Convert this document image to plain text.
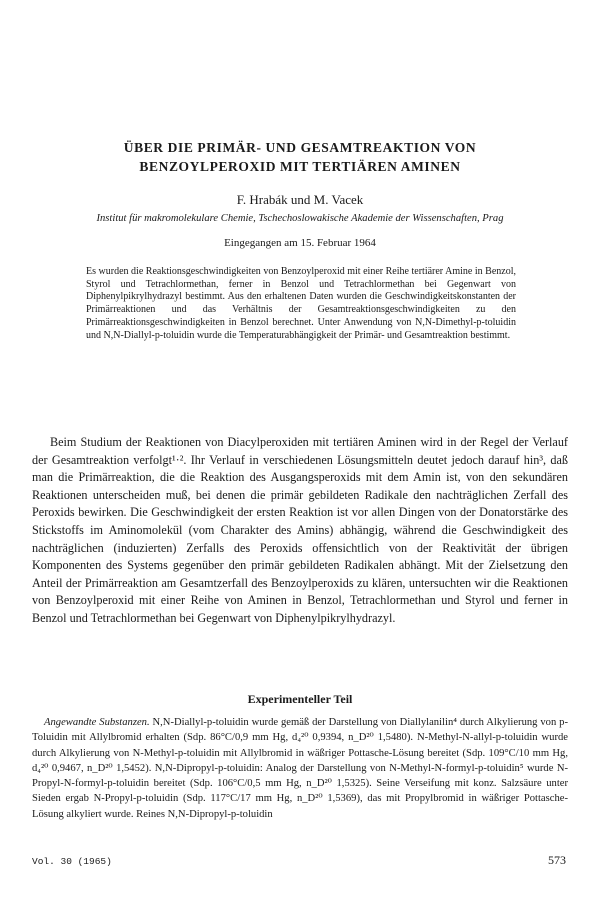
ÜBER DIE PRIMÄR- UND GESAMTREAKTION VON
BENZOYLPEROXID MIT TERTIÄREN AMINEN
F. Hrabák und M. Vacek
Institut für makromolekulare Chemie, Tschechoslowakische Akademie der Wissenschaften, Prag
Eingegangen am 15. Februar 1964
Es wurden die Reaktionsgeschwindigkeiten von Benzoylperoxid mit einer Reihe tertiärer Amine in Benzol, Styrol und Tetrachlormethan, ferner in Benzol und Tetrachlormethan bei Gegenwart von Diphenylpikrylhydrazyl bestimmt. Aus den erhaltenen Daten wurden die Geschwindigkeitskonstanten der Primärreaktionen und das Verhältnis der Gesamtreaktionsgeschwindigkeiten zu den Primärreaktionsgeschwindigkeiten in Benzol berechnet. Unter Anwendung von N,N-Dimethyl-p-toluidin und N,N-Diallyl-p-toluidin wurde die Temperaturabhängigkeit der Primär- und Gesamtreaktion bestimmt.

Beim Studium der Reaktionen von Diacylperoxiden mit tertiären Aminen wird in der Regel der Verlauf der Gesamtreaktion verfolgt¹·². Ihr Verlauf in verschiedenen Lösungsmitteln deutet jedoch darauf hin³, daß man die Primärreaktion, die die Reaktion des Ausgangsperoxids mit dem Amin ist, von den sekundären Reaktionen unterscheiden muß, bei denen die primär gebildeten Radikale den nachträglichen Zerfall des Peroxids bewirken. Die Geschwindigkeit der ersten Reaktion ist vor allen Dingen von der Donatorstärke des Stickstoffs im Aminomolekül (vom Charakter des Amins) abhängig, während die Geschwindigkeit des nachträglichen (induzierten) Zerfalls des Peroxids offensichtlich von der Reaktivität der übrigen Komponenten des Systems gegenüber den primär gebildeten Radikalen abhängt. Mit der Zielsetzung den Anteil der Primärreaktion am Gesamtzerfall des Benzoylperoxids zu klären, untersuchten wir die Reaktionen von Benzoylperoxid mit einer Reihe von Aminen in Benzol, Tetrachlormethan und Styrol und ferner in Benzol und Tetrachlormethan bei Gegenwart von Diphenylpikrylhydrazyl.

Experimenteller Teil

Angewandte Substanzen. N,N-Diallyl-p-toluidin wurde gemäß der Darstellung von Diallylanilin⁴ durch Alkylierung von p-Toluidin mit Allylbromid erhalten (Sdp. 86°C/0,9 mm Hg, d₄²⁰ 0,9394, n_D²⁰ 1,5480). N-Methyl-N-allyl-p-toluidin wurde durch Alkylierung von N-Methyl-p-toluidin mit Allylbromid in wäßriger Pottasche-Lösung bereitet (Sdp. 109°C/10 mm Hg, d₄²⁰ 0,9467, n_D²⁰ 1,5452). N,N-Dipropyl-p-toluidin: Analog der Darstellung von N-Methyl-N-formyl-p-toluidin⁵ wurde N-Propyl-N-formyl-p-toluidin bereitet (Sdp. 106°C/0,5 mm Hg, n_D²⁰ 1,5325). Seine Verseifung mit konz. Salzsäure unter Sieden ergab N-Propyl-p-toluidin (Sdp. 117°C/17 mm Hg, n_D²⁰ 1,5369), das mit Propylbromid in wäßriger Pottasche-Lösung alkyliert wurde. Reines N,N-Dipropyl-p-toluidin

Vol. 30 (1965)	573
